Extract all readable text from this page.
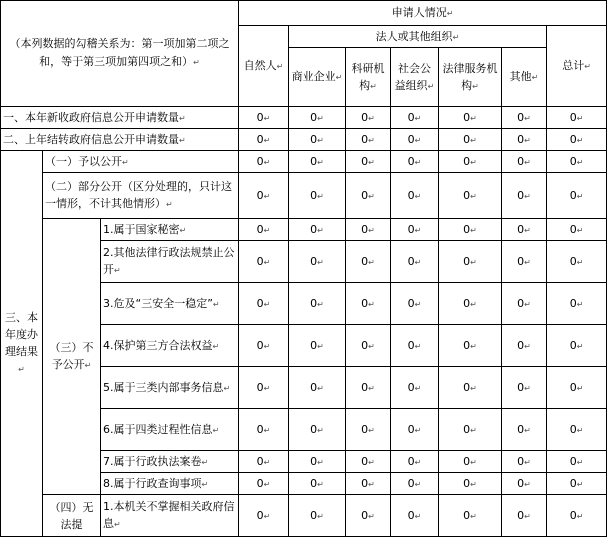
（本列数据的勾稽关系为：第一项加第二项之和，等于第三项加第四项之和） ↵			申请人情况 ↵
			自然人 ↵	法人或其他组织 ↵					总计 ↵
				商业企业 ↵	科研机构 ↵	社会公益组织 ↵	法律服务机构 ↵	其他 ↵
一、本年新收政府信息公开申请数量 ↵			0 ↵	0 ↵	0 ↵	0 ↵	0 ↵	0 ↵	0 ↵
二、上年结转政府信息公开申请数量 ↵			0 ↵	0 ↵	0 ↵	0 ↵	0 ↵	0 ↵	0 ↵
三、本年度办理结果 ↵	（一）予以公开 ↵		0 ↵	0 ↵	0 ↵	0 ↵	0 ↵	0 ↵	0 ↵
	（二）部分公开（区分处理的，只计这一情形，不计其他情形） ↵		0 ↵	0 ↵	0 ↵	0 ↵	0 ↵	0 ↵	0 ↵
	（三）不予公开 ↵	1.属于国家秘密 ↵	0 ↵	0 ↵	0 ↵	0 ↵	0 ↵	0 ↵	0 ↵
		2.其他法律行政法规禁止公开 ↵	0 ↵	0 ↵	0 ↵	0 ↵	0 ↵	0 ↵	0 ↵
		3.危及“三安全一稳定” ↵	0 ↵	0 ↵	0 ↵	0 ↵	0 ↵	0 ↵	0 ↵
		4.保护第三方合法权益 ↵	0 ↵	0 ↵	0 ↵	0 ↵	0 ↵	0 ↵	0 ↵
		5.属于三类内部事务信息 ↵	0 ↵	0 ↵	0 ↵	0 ↵	0 ↵	0 ↵	0 ↵
		6.属于四类过程性信息 ↵	0 ↵	0 ↵	0 ↵	0 ↵	0 ↵	0 ↵	0 ↵
		7.属于行政执法案卷 ↵	0 ↵	0 ↵	0 ↵	0 ↵	0 ↵	0 ↵	0 ↵
		8.属于行政查询事项 ↵	0 ↵	0 ↵	0 ↵	0 ↵	0 ↵	0 ↵	0 ↵
	（四）无法提	1.本机关不掌握相关政府信息 ↵	0 ↵	0 ↵	0 ↵	0 ↵	0 ↵	0 ↵	0 ↵
